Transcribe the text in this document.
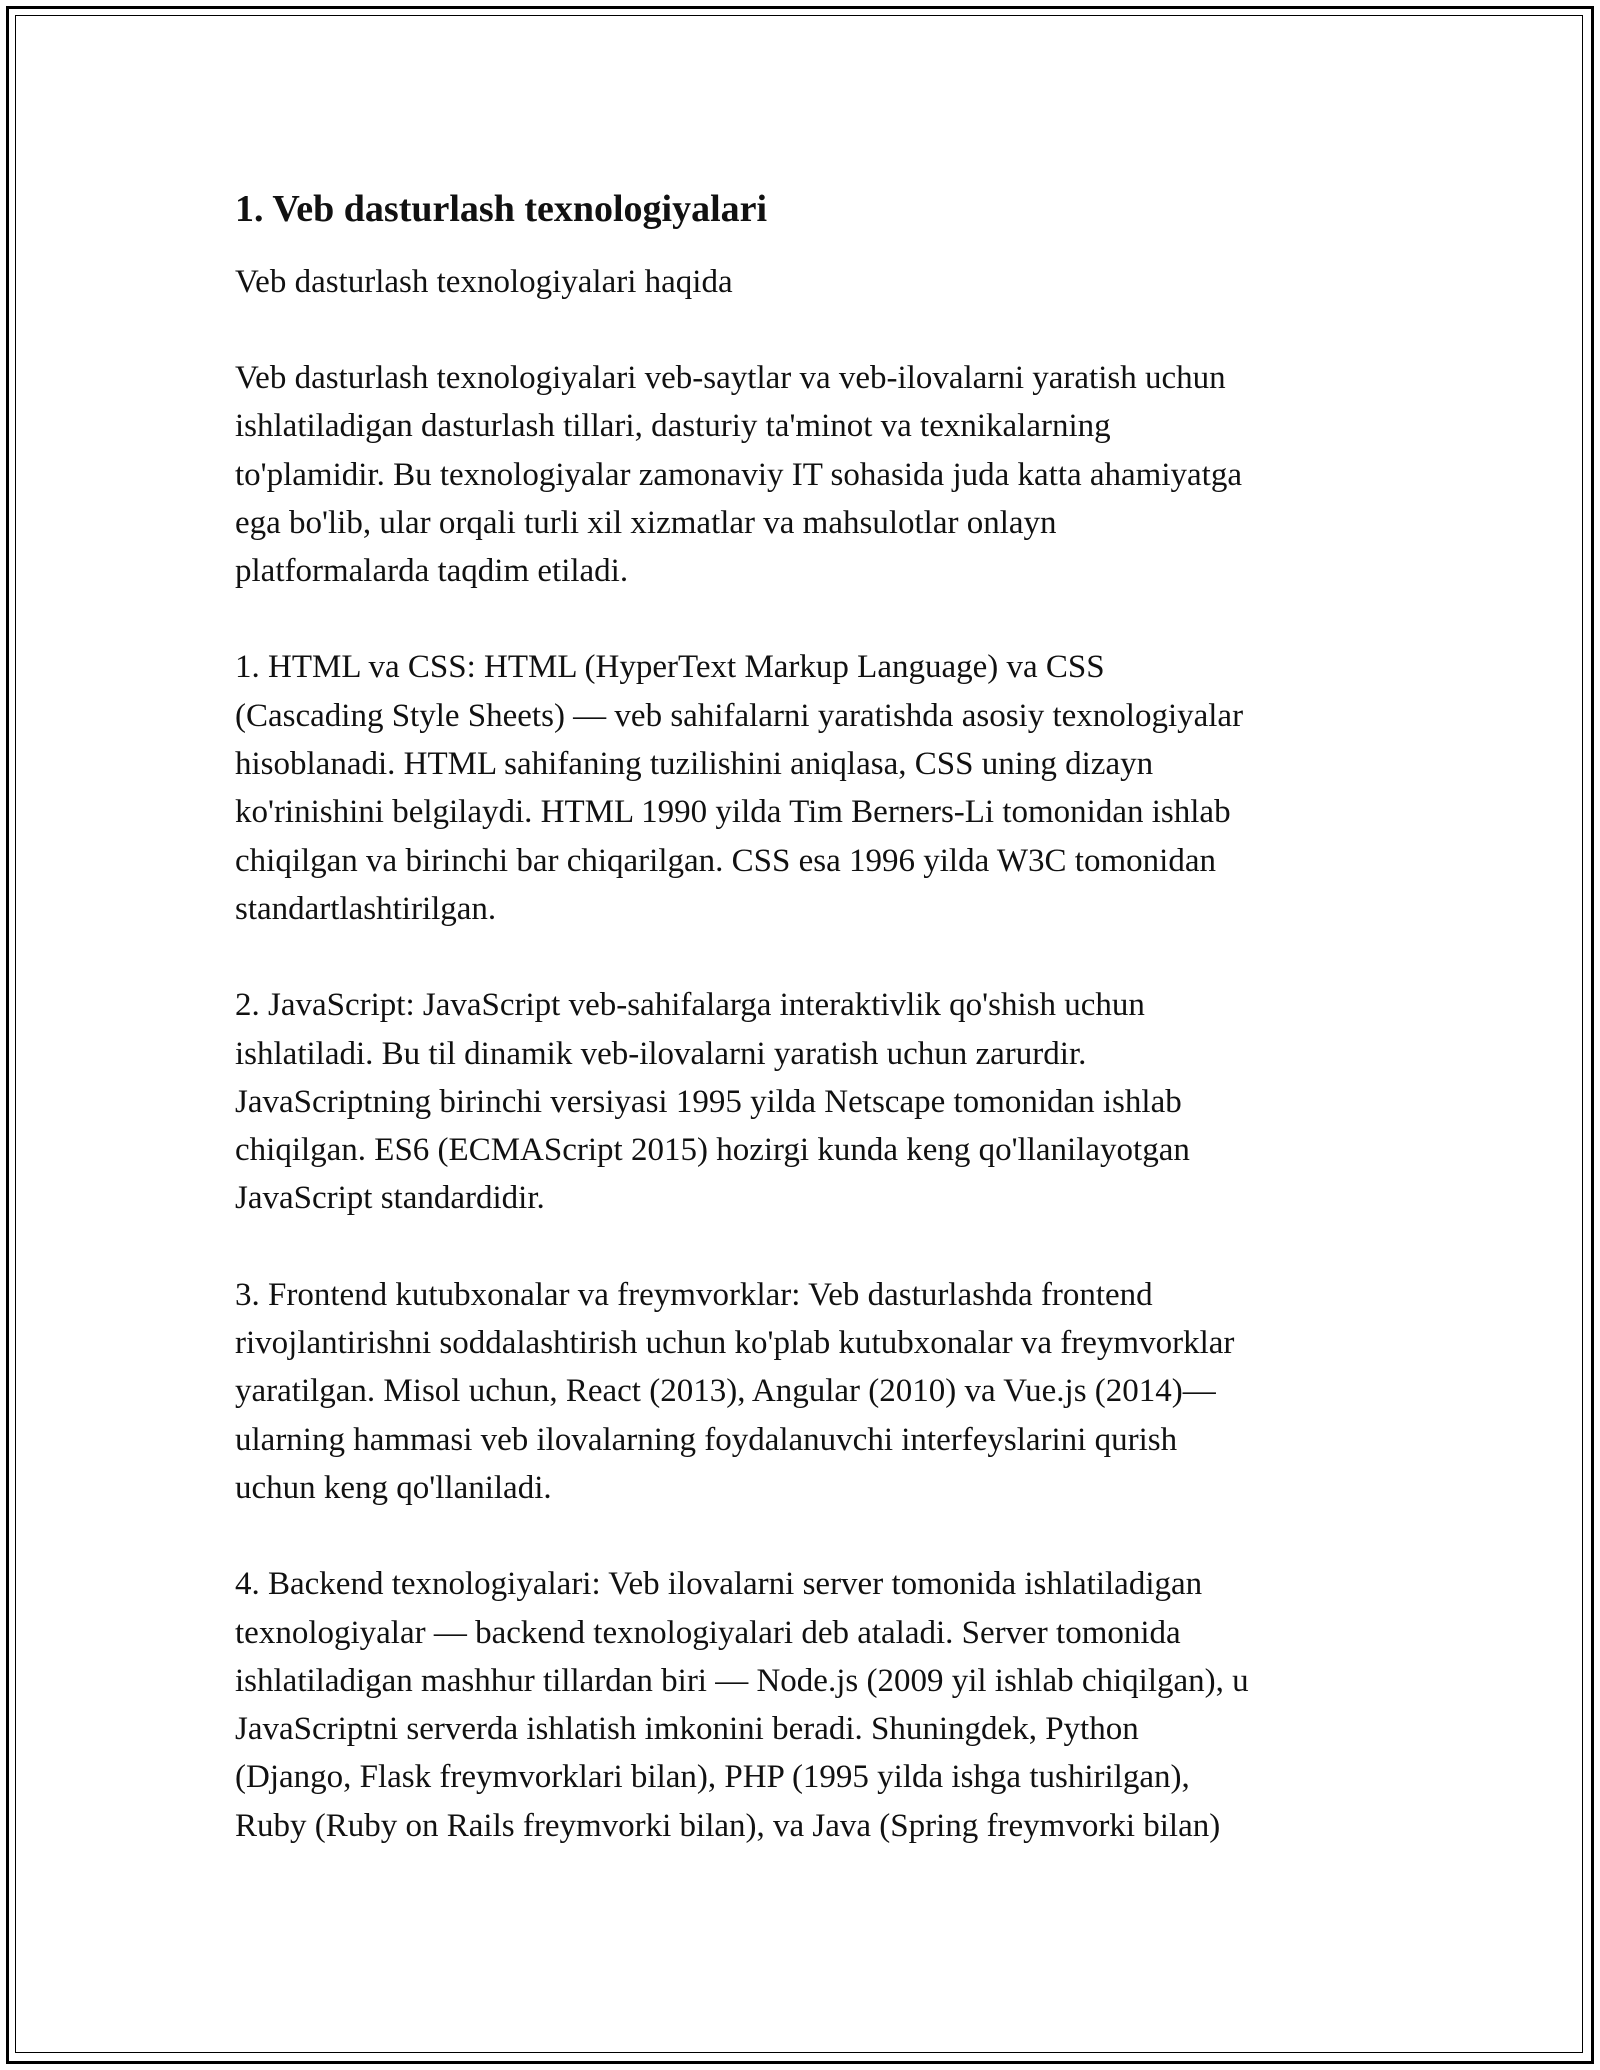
1. Veb dasturlash texnologiyalari

Veb dasturlash texnologiyalari haqida

Veb dasturlash texnologiyalari veb-saytlar va veb-ilovalarni yaratish uchun
ishlatiladigan dasturlash tillari, dasturiy ta'minot va texnikalarning
to'plamidir. Bu texnologiyalar zamonaviy IT sohasida juda katta ahamiyatga
ega bo'lib, ular orqali turli xil xizmatlar va mahsulotlar onlayn
platformalarda taqdim etiladi.

1. HTML va CSS: HTML (HyperText Markup Language) va CSS
(Cascading Style Sheets) — veb sahifalarni yaratishda asosiy texnologiyalar
hisoblanadi. HTML sahifaning tuzilishini aniqlasa, CSS uning dizayn
ko'rinishini belgilaydi. HTML 1990 yilda Tim Berners-Li tomonidan ishlab
chiqilgan va birinchi bar chiqarilgan. CSS esa 1996 yilda W3C tomonidan
standartlashtirilgan.

2. JavaScript: JavaScript veb-sahifalarga interaktivlik qo'shish uchun
ishlatiladi. Bu til dinamik veb-ilovalarni yaratish uchun zarurdir.
JavaScriptning birinchi versiyasi 1995 yilda Netscape tomonidan ishlab
chiqilgan. ES6 (ECMAScript 2015) hozirgi kunda keng qo'llanilayotgan
JavaScript standardidir.

3. Frontend kutubxonalar va freymvorklar: Veb dasturlashda frontend
rivojlantirishni soddalashtirish uchun ko'plab kutubxonalar va freymvorklar
yaratilgan. Misol uchun, React (2013), Angular (2010) va Vue.js (2014)—
ularning hammasi veb ilovalarning foydalanuvchi interfeyslarini qurish
uchun keng qo'llaniladi.

4. Backend texnologiyalari: Veb ilovalarni server tomonida ishlatiladigan
texnologiyalar — backend texnologiyalari deb ataladi. Server tomonida
ishlatiladigan mashhur tillardan biri — Node.js (2009 yil ishlab chiqilgan), u
JavaScriptni serverda ishlatish imkonini beradi. Shuningdek, Python
(Django, Flask freymvorklari bilan), PHP (1995 yilda ishga tushirilgan),
Ruby (Ruby on Rails freymvorki bilan), va Java (Spring freymvorki bilan)
